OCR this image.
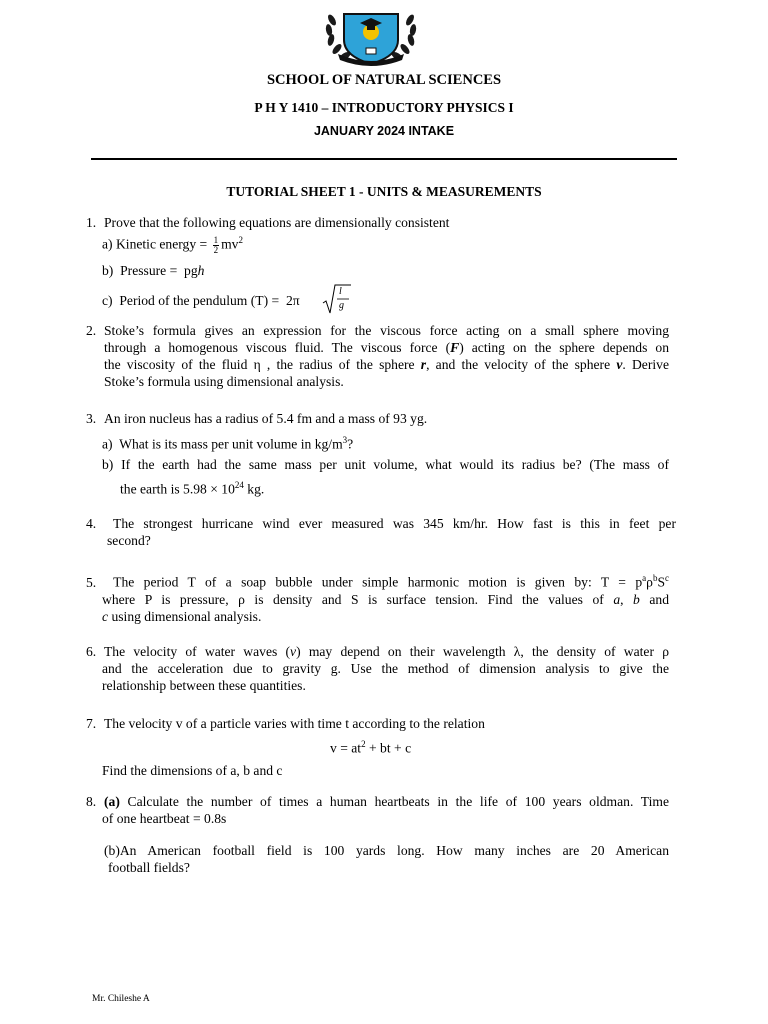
SCHOOL OF NATURAL SCIENCES
P H Y 1410 – INTRODUCTORY PHYSICS I
JANUARY 2024 INTAKE
TUTORIAL SHEET 1 - UNITS & MEASUREMENTS
1. Prove that the following equations are dimensionally consistent
a) Kinetic energy = $\frac{1}{2} mv^2$
b) Pressure = pgh
c) Period of the pendulum (T) = 2π
l
g
2. Stoke’s formula gives an expression for the viscous force acting on a small sphere moving
through a homogenous viscous fluid. The viscous force (F) acting on the sphere depends on
the viscosity of the fluid η , the radius of the sphere r, and the velocity of the sphere v. Derive
Stoke’s formula using dimensional analysis.
3. An iron nucleus has a radius of 5.4 fm and a mass of 93 yg.
a) What is its mass per unit volume in $kg/m^3$?
b) If the earth had the same mass per unit volume, what would its radius be? (The mass of
the earth is $5.98 \times 10^{24}$ kg.
4. The strongest hurricane wind ever measured was 345 km/hr. How fast is this in feet per
second?
5. The period T of a soap bubble under simple harmonic motion is given by: $T = p^a\rho^bS^c$
where P is pressure, ρ is density and S is surface tension. Find the values of a, b and
c using dimensional analysis.
6. The velocity of water waves (v) may depend on their wavelength λ, the density of water ρ
and the acceleration due to gravity g. Use the method of dimension analysis to give the
relationship between these quantities.
7. The velocity v of a particle varies with time t according to the relation
$v = at^2$ + bt + c
Find the dimensions of a, b and c
8. (a) Calculate the number of times a human heartbeats in the life of 100 years oldman. Time
of one heartbeat = 0.8s
(b)An American football field is 100 yards long. How many inches are 20 American
football fields?
Mr. Chileshe A
